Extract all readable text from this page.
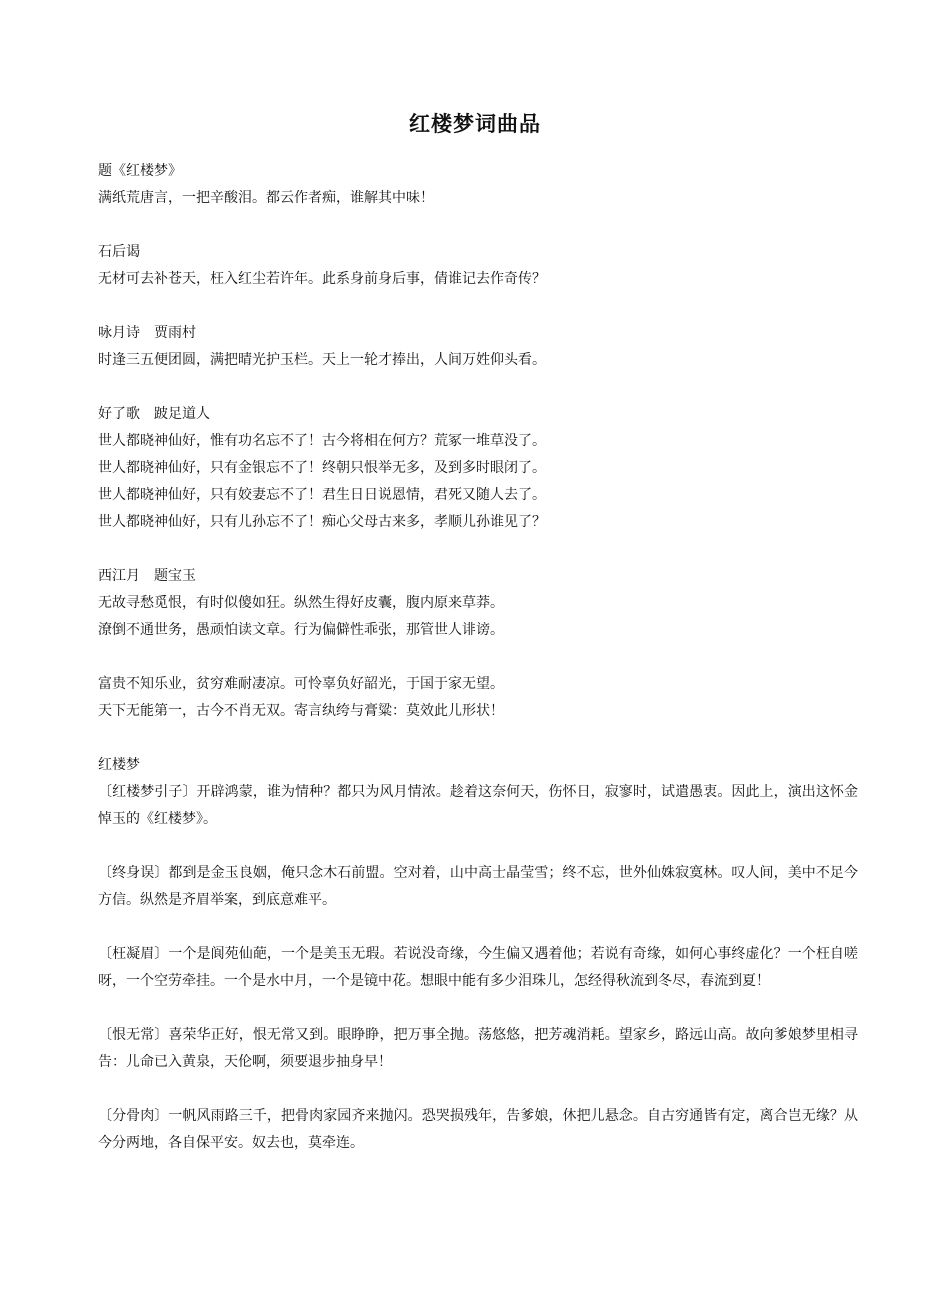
红楼梦词曲品

题《红楼梦》

满纸荒唐言，一把辛酸泪。都云作者痴，谁解其中味！

石后谒

无材可去补苍天，枉入红尘若许年。此系身前身后事，倩谁记去作奇传？

咏月诗　贾雨村

时逢三五便团圆，满把晴光护玉栏。天上一轮才捧出，人间万姓仰头看。

好了歌　跛足道人

世人都晓神仙好，惟有功名忘不了！古今将相在何方？荒冢一堆草没了。

世人都晓神仙好，只有金银忘不了！终朝只恨举无多，及到多时眼闭了。

世人都晓神仙好，只有姣妻忘不了！君生日日说恩情，君死又随人去了。

世人都晓神仙好，只有儿孙忘不了！痴心父母古来多，孝顺儿孙谁见了？

西江月　题宝玉

无故寻愁觅恨，有时似傻如狂。纵然生得好皮囊，腹内原来草莽。

潦倒不通世务，愚顽怕读文章。行为偏僻性乖张，那管世人诽谤。

富贵不知乐业，贫穷难耐凄凉。可怜辜负好韶光，于国于家无望。

天下无能第一，古今不肖无双。寄言纨绔与膏粱：莫效此儿形状！

红楼梦

〔红楼梦引子〕开辟鸿蒙，谁为情种？都只为风月情浓。趁着这奈何天，伤怀日，寂寥时，试遣愚衷。因此上，演出这怀金悼玉的《红楼梦》。

〔终身误〕都到是金玉良姻，俺只念木石前盟。空对着，山中高士晶莹雪；终不忘，世外仙姝寂寞林。叹人间，美中不足今方信。纵然是齐眉举案，到底意难平。

〔枉凝眉〕一个是阆苑仙葩，一个是美玉无瑕。若说没奇缘，今生偏又遇着他；若说有奇缘，如何心事终虚化？一个枉自嗟呀，一个空劳牵挂。一个是水中月，一个是镜中花。想眼中能有多少泪珠儿，怎经得秋流到冬尽，春流到夏！

〔恨无常〕喜荣华正好，恨无常又到。眼睁睁，把万事全抛。荡悠悠，把芳魂消耗。望家乡，路远山高。故向爹娘梦里相寻告：儿命已入黄泉，天伦啊，须要退步抽身早！

〔分骨肉〕一帆风雨路三千，把骨肉家园齐来抛闪。恐哭损残年，告爹娘，休把儿悬念。自古穷通皆有定，离合岂无缘？从今分两地，各自保平安。奴去也，莫牵连。
